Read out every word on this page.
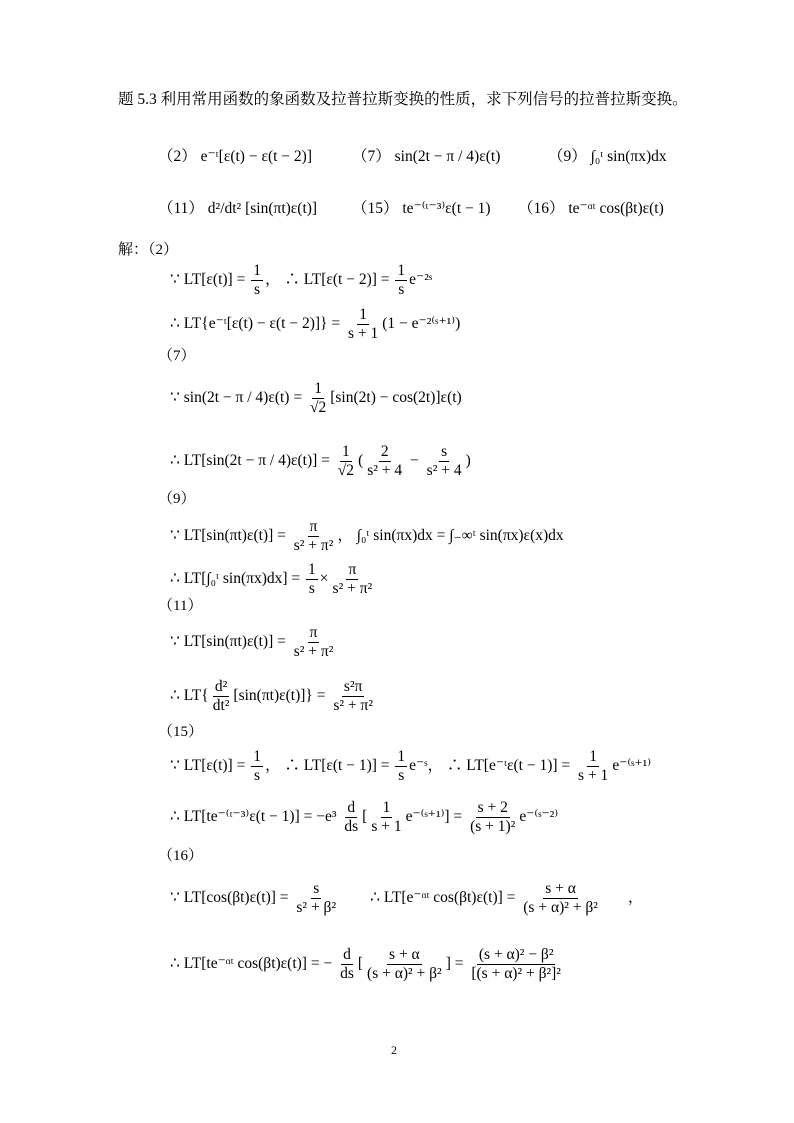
题 5.3 利用常用函数的象函数及拉普拉斯变换的性质，求下列信号的拉普拉斯变换。
（2） e⁻ᵗ[ε(t) − ε(t − 2)]	（7） sin(2t − π / 4)ε(t)	（9） ∫₀ᵗ sin(πx)dx
（11） d²/dt² [sin(πt)ε(t)] （15） te⁻⁽ᵗ⁻³⁾ε(t − 1) （16） te⁻ᵅᵗ cos(βt)ε(t)
解：（2）
∵ $LT[\varepsilon(t)] = \frac{1}{s}$ ， ∴ $LT[\varepsilon(t - 2)] = \frac{1}{s}$ e⁻²ˢ
∴ LT{e⁻ᵗ[ε(t) − $\varepsilon(t - 2)]\} = \frac{1}{s + 1} (1$ − e⁻²⁽ˢ⁺¹⁾)
（7）
∵ $\sin(2t - \pi / 4)\varepsilon(t) = \frac{1}{√2} [\sin(2t) - \cos(2t)]\varepsilon(t)$
∴ $LT[\sin(2t - \pi / 4)\varepsilon(t)] = \frac{1}{√2}$ ( $\frac{2}{\text{s² + 4}} - \frac{s}{\text{s² + 4}}$ )
（9）
∵ $LT[\sin(\pi t)\varepsilon(t)] = \frac{\pi}{\text{s² + π²}}$ ， ∫₀ᵗ sin(πx)dx = ∫₋∞ᵗ sin(πx)ε(x)dx
∴ LT[∫₀ᵗ $\sin(\pi x)dx] = \frac{1}{s} \times \frac{\pi}{\text{s² + π²}}$
（11）
∵ $LT[\sin(\pi t)\varepsilon(t)] = \frac{\pi}{\text{s² + π²}}$
∴ $LT\{ \frac{\text{d²}}{\text{dt²}} [\sin(\pi t)\varepsilon(t)]\} = \frac{\text{s²π}}{\text{s² + π²}}$
（15）
∵ $LT[\varepsilon(t)] = \frac{1}{s}$ ， ∴ $LT[\varepsilon(t - 1)] = \frac{1}{s}$ e⁻ˢ， ∴ LT[e⁻ᵗε(t − $1)] = \frac{1}{s + 1}$ e⁻⁽ˢ⁺¹⁾
∴ LT[te⁻⁽ᵗ⁻³⁾ε(t − $1)] = -e^3 \frac{d}{ds}$ [ $\frac{1}{s + 1}$ e⁻⁽ˢ⁺¹⁾] = $\frac{s + 2}{\text{(s + 1)²}}$ e⁻⁽ˢ⁻²⁾
（16）
∵ $LT[\cos(\beta t)\varepsilon(t)] = \frac{s}{\text{s² + β²}}$ ∴ LT[e⁻ᵅᵗ $\cos(\beta t)\varepsilon(t)] = \frac{s + \alpha}{\text{(s + α)² + β²}}$ ，
∴ LT[te⁻ᵅᵗ cos(βt)ε(t)] = − $\frac{d}{ds}$ [ $\frac{s + \alpha}{\text{(s + α)² + β²}}$ ] = $\frac{\text{(s + α)² − β²}}{\text{[(s + α)² + β²]²}}$
2
